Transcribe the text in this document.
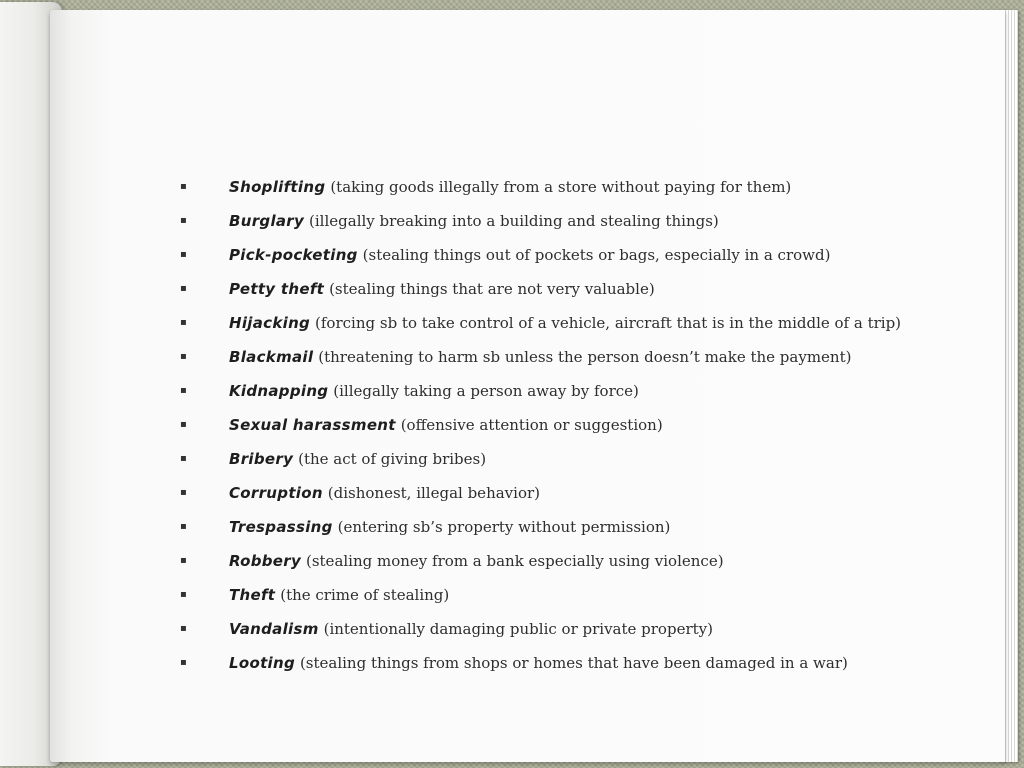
▪	Shoplifting (taking goods illegally from a store without paying for them)
▪	Burglary (illegally breaking into a building and stealing things)
▪	Pick-pocketing (stealing things out of pockets or bags, especially in a crowd)
▪	Petty theft (stealing things that are not very valuable)
▪	Hijacking (forcing sb to take control of a vehicle, aircraft that is in the middle of a trip)
▪	Blackmail (threatening to harm sb unless the person doesn’t make the payment)
▪	Kidnapping (illegally taking a person away by force)
▪	Sexual harassment (offensive attention or suggestion)
▪	Bribery (the act of giving bribes)
▪	Corruption (dishonest, illegal behavior)
▪	Trespassing (entering sb’s property without permission)
▪	Robbery (stealing money from a bank especially using violence)
▪	Theft (the crime of stealing)
▪	Vandalism (intentionally damaging public or private property)
▪	Looting (stealing things from shops or homes that have been damaged in a war)
